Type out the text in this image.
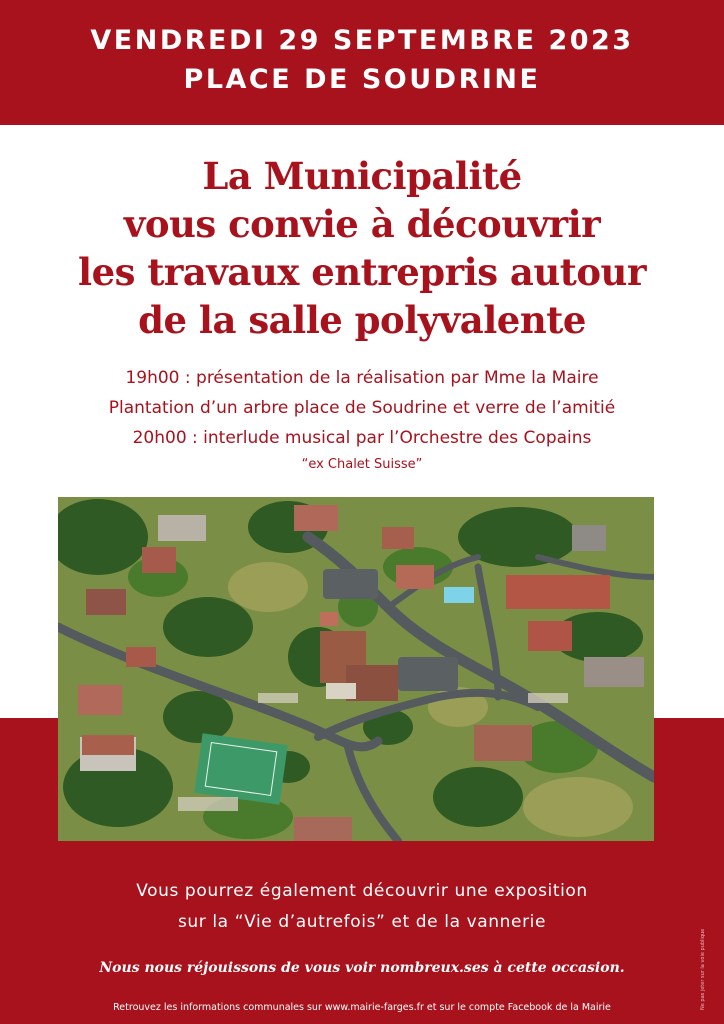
VENDREDI 29 SEPTEMBRE 2023
PLACE DE SOUDRINE
La Municipalité
vous convie à découvrir
les travaux entrepris autour
de la salle polyvalente
19h00 : présentation de la réalisation par Mme la Maire
Plantation d’un arbre place de Soudrine et verre de l’amitié
20h00 : interlude musical par l’Orchestre des Copains
“ex Chalet Suisse”
Vous pourrez également découvrir une exposition
sur la “Vie d’autrefois” et de la vannerie
Nous nous réjouissons de vous voir nombreux.ses à cette occasion.
Retrouvez les informations communales sur www.mairie-farges.fr et sur le compte Facebook de la Mairie	Ne pas jeter sur la voie publique
